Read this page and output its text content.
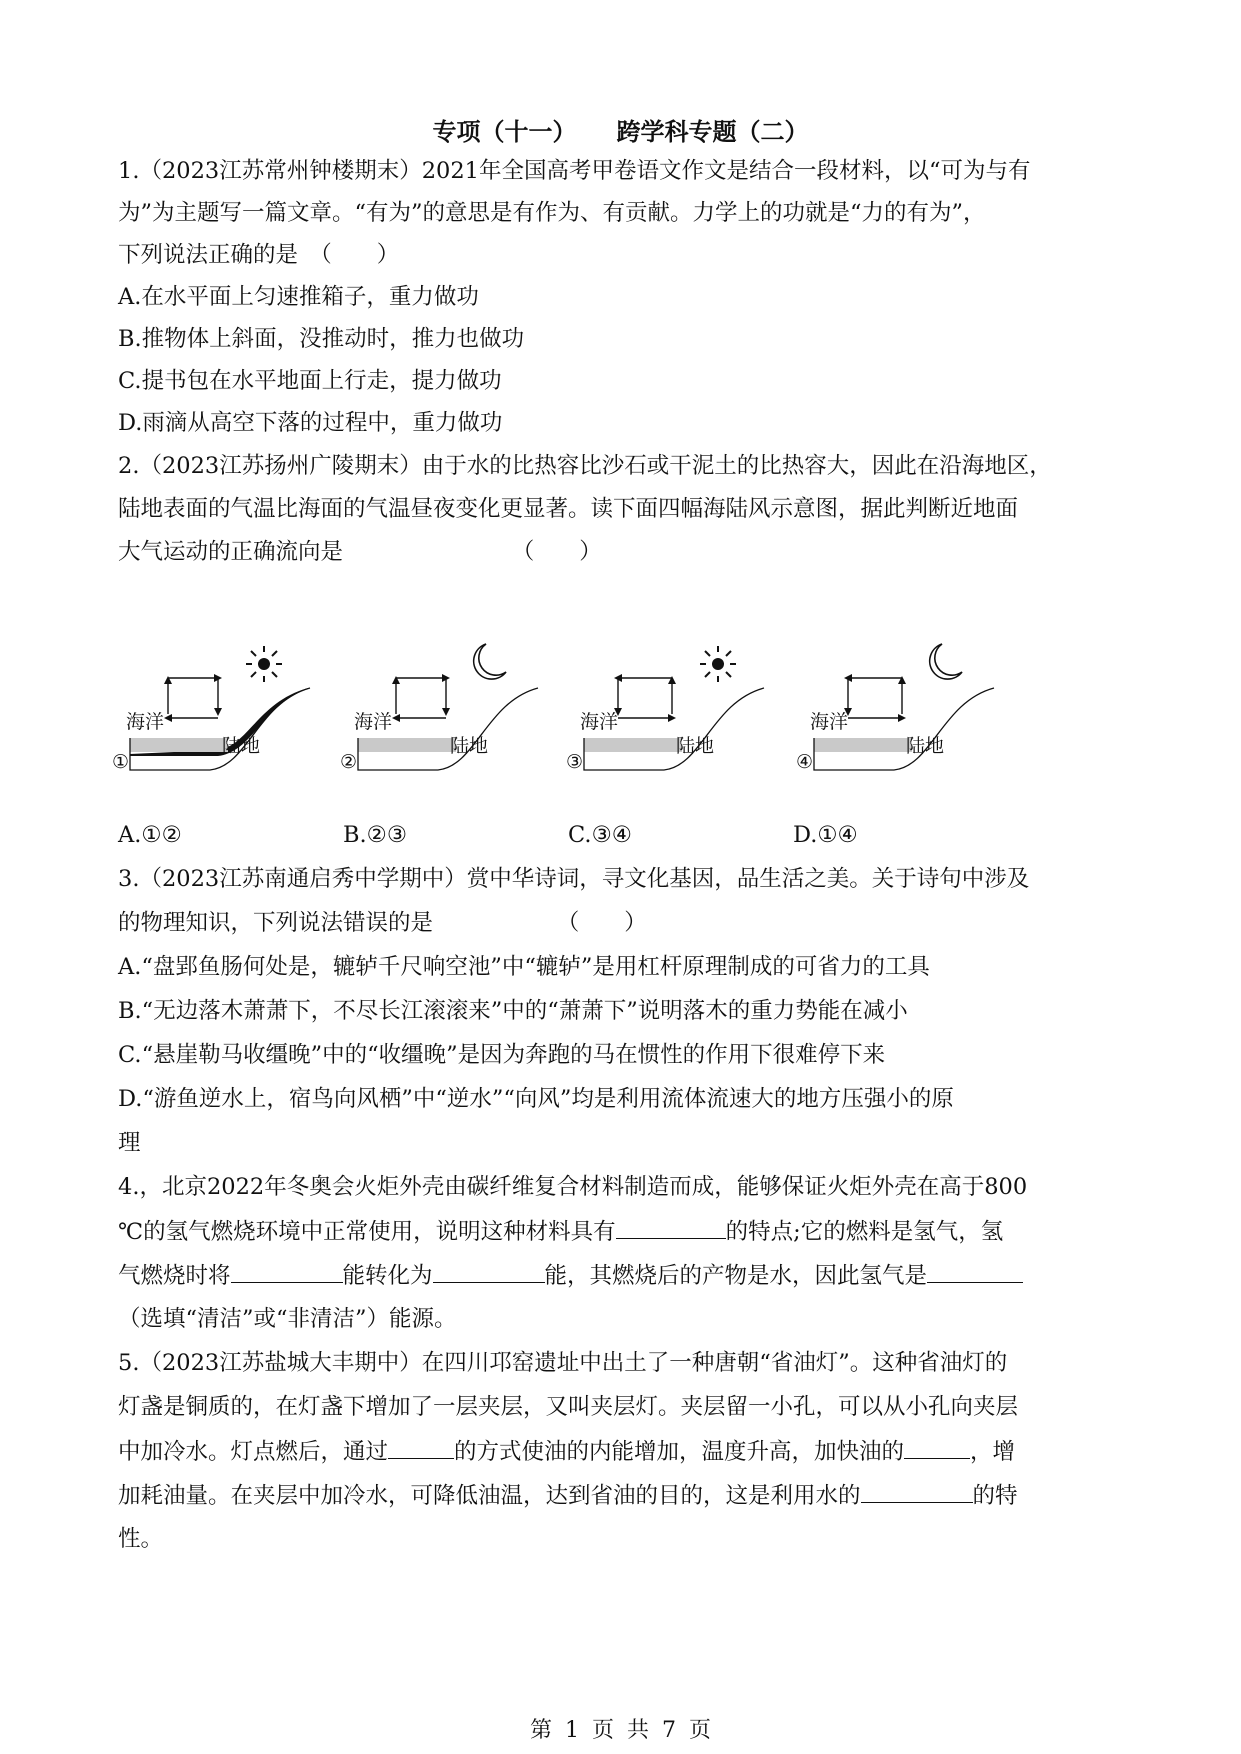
专项（十一） 跨学科专题（二）
1.（2023江苏常州钟楼期末）2021年全国高考甲卷语文作文是结合一段材料，以“可为与有
为”为主题写一篇文章。“有为”的意思是有作为、有贡献。力学上的功就是“力的有为”，
下列说法正确的是　（　　）
A.在水平面上匀速推箱子，重力做功
B.推物体上斜面，没推动时，推力也做功
C.提书包在水平地面上行走，提力做功
D.雨滴从高空下落的过程中，重力做功
2.（2023江苏扬州广陵期末）由于水的比热容比沙石或干泥土的比热容大，因此在沿海地区，
陆地表面的气温比海面的气温昼夜变化更显著。读下面四幅海陆风示意图，据此判断近地面
大气运动的正确流向是　　　　　　　　（　　）
海洋
陆地
①
海洋
陆地
②
海洋
陆地
③
海洋
陆地
④
A.①②	B.②③	C.③④	D.①④
3.（2023江苏南通启秀中学期中）赏中华诗词，寻文化基因，品生活之美。关于诗句中涉及
的物理知识，下列说法错误的是　　　　　　（　　）
A.“盘郢鱼肠何处是，辘轳千尺响空池”中“辘轳”是用杠杆原理制成的可省力的工具
B.“无边落木萧萧下，不尽长江滚滚来”中的“萧萧下”说明落木的重力势能在减小
C.“悬崖勒马收缰晚”中的“收缰晚”是因为奔跑的马在惯性的作用下很难停下来
D.“游鱼逆水上，宿鸟向风栖”中“逆水”“向风”均是利用流体流速大的地方压强小的原
理
4.，北京2022年冬奥会火炬外壳由碳纤维复合材料制造而成，能够保证火炬外壳在高于800
℃的氢气燃烧环境中正常使用，说明这种材料具有	的特点;它的燃料是氢气，氢
气燃烧时将	能转化为	能，其燃烧后的产物是水，因此氢气是
（选填“清洁”或“非清洁”）能源。
5.（2023江苏盐城大丰期中）在四川邛窑遗址中出土了一种唐朝“省油灯”。这种省油灯的
灯盏是铜质的，在灯盏下增加了一层夹层，又叫夹层灯。夹层留一小孔，可以从小孔向夹层
中加冷水。灯点燃后，通过	的方式使油的内能增加，温度升高，加快油的	，增
加耗油量。在夹层中加冷水，可降低油温，达到省油的目的，这是利用水的	的特
性。
第 1 页 共 7 页
